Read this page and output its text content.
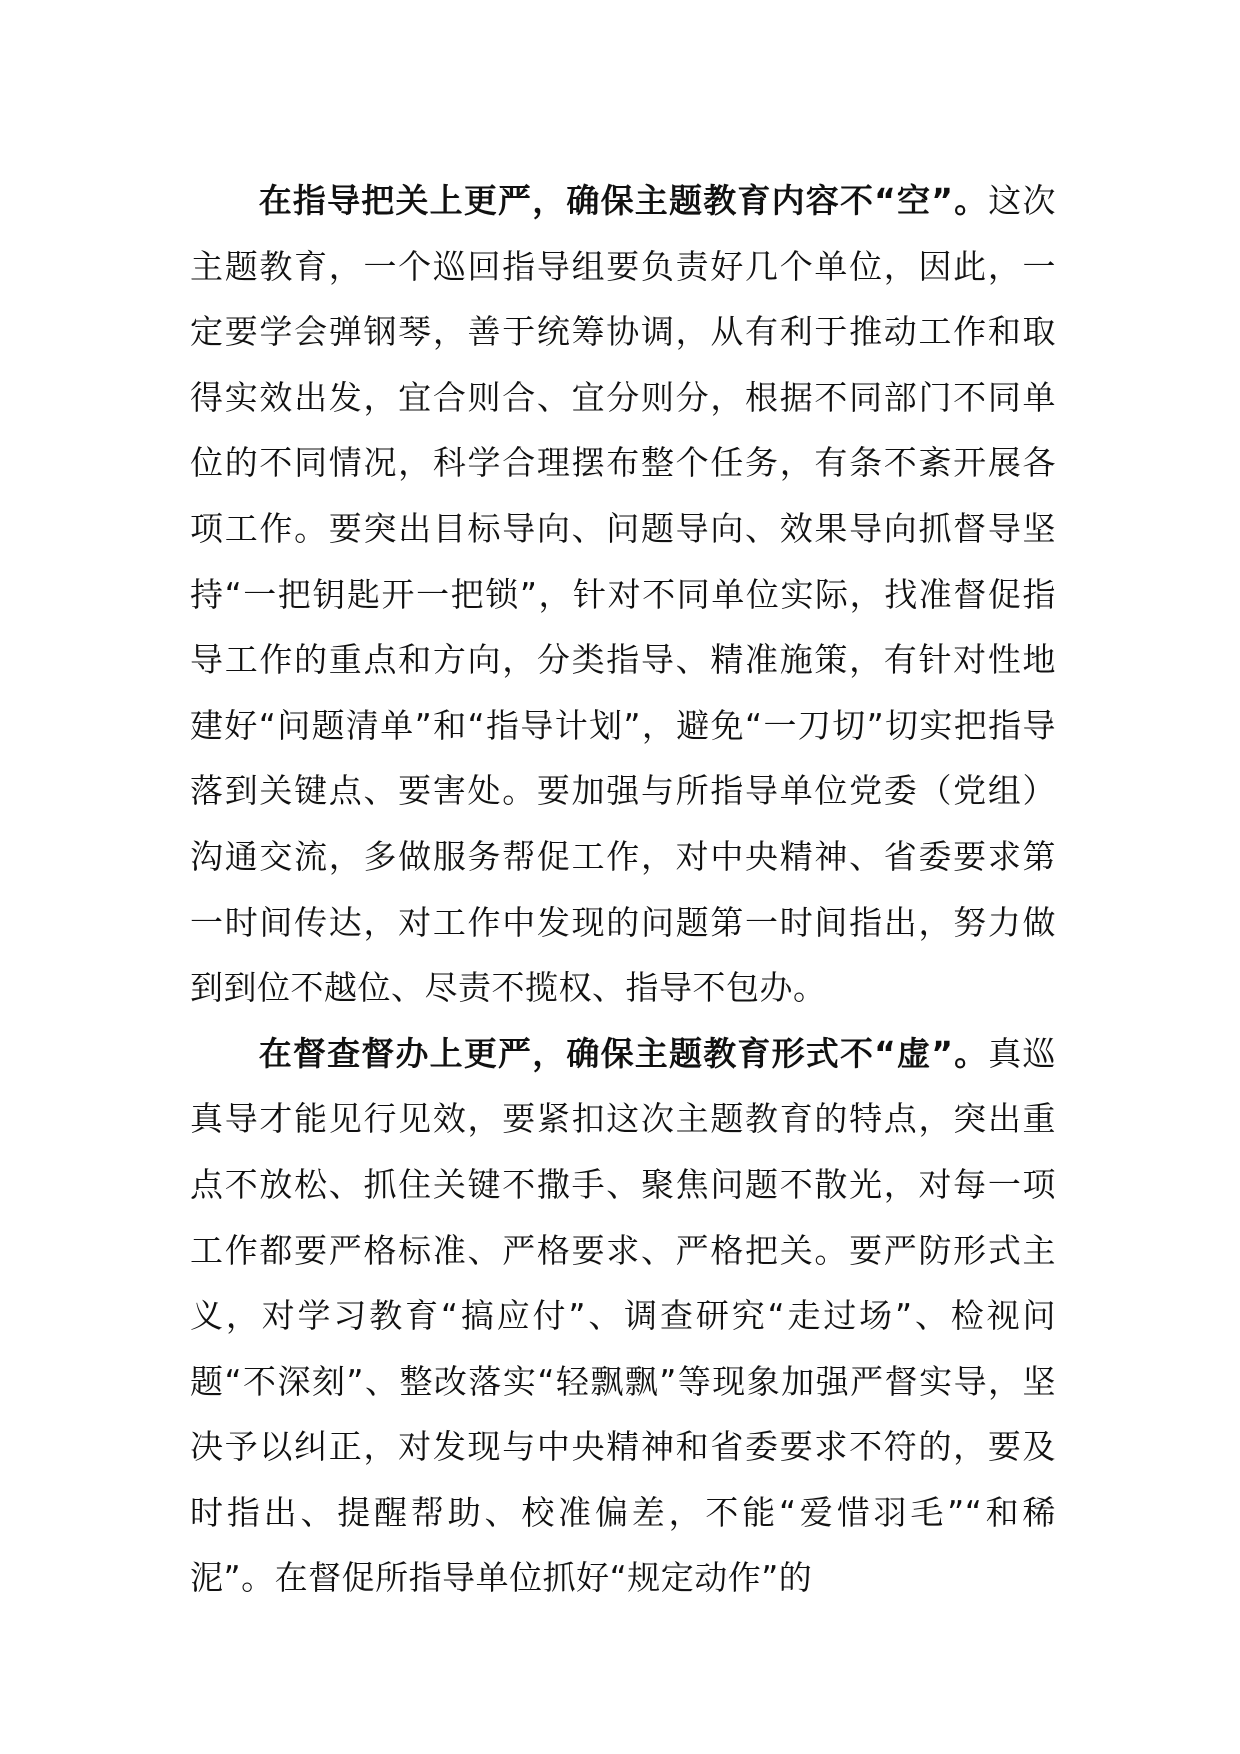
在指导把关上更严，确保主题教育内容不“空”。这次主题教育，一个巡回指导组要负责好几个单位，因此，一定要学会弹钢琴，善于统筹协调，从有利于推动工作和取得实效出发，宜合则合、宜分则分，根据不同部门不同单位的不同情况，科学合理摆布整个任务，有条不紊开展各项工作。要突出目标导向、问题导向、效果导向抓督导坚持“一把钥匙开一把锁”，针对不同单位实际，找准督促指导工作的重点和方向，分类指导、精准施策，有针对性地建好“问题清单”和“指导计划”，避免“一刀切”切实把指导落到关键点、要害处。要加强与所指导单位党委（党组）沟通交流，多做服务帮促工作，对中央精神、省委要求第一时间传达，对工作中发现的问题第一时间指出，努力做到到位不越位、尽责不揽权、指导不包办。

在督查督办上更严，确保主题教育形式不“虚”。真巡真导才能见行见效，要紧扣这次主题教育的特点，突出重点不放松、抓住关键不撒手、聚焦问题不散光，对每一项工作都要严格标准、严格要求、严格把关。要严防形式主义，对学习教育“搞应付”、调查研究“走过场”、检视问题“不深刻”、整改落实“轻飘飘”等现象加强严督实导，坚决予以纠正，对发现与中央精神和省委要求不符的，要及时指出、提醒帮助、校准偏差，不能“爱惜羽毛”“和稀泥”。在督促所指导单位抓好“规定动作”的
